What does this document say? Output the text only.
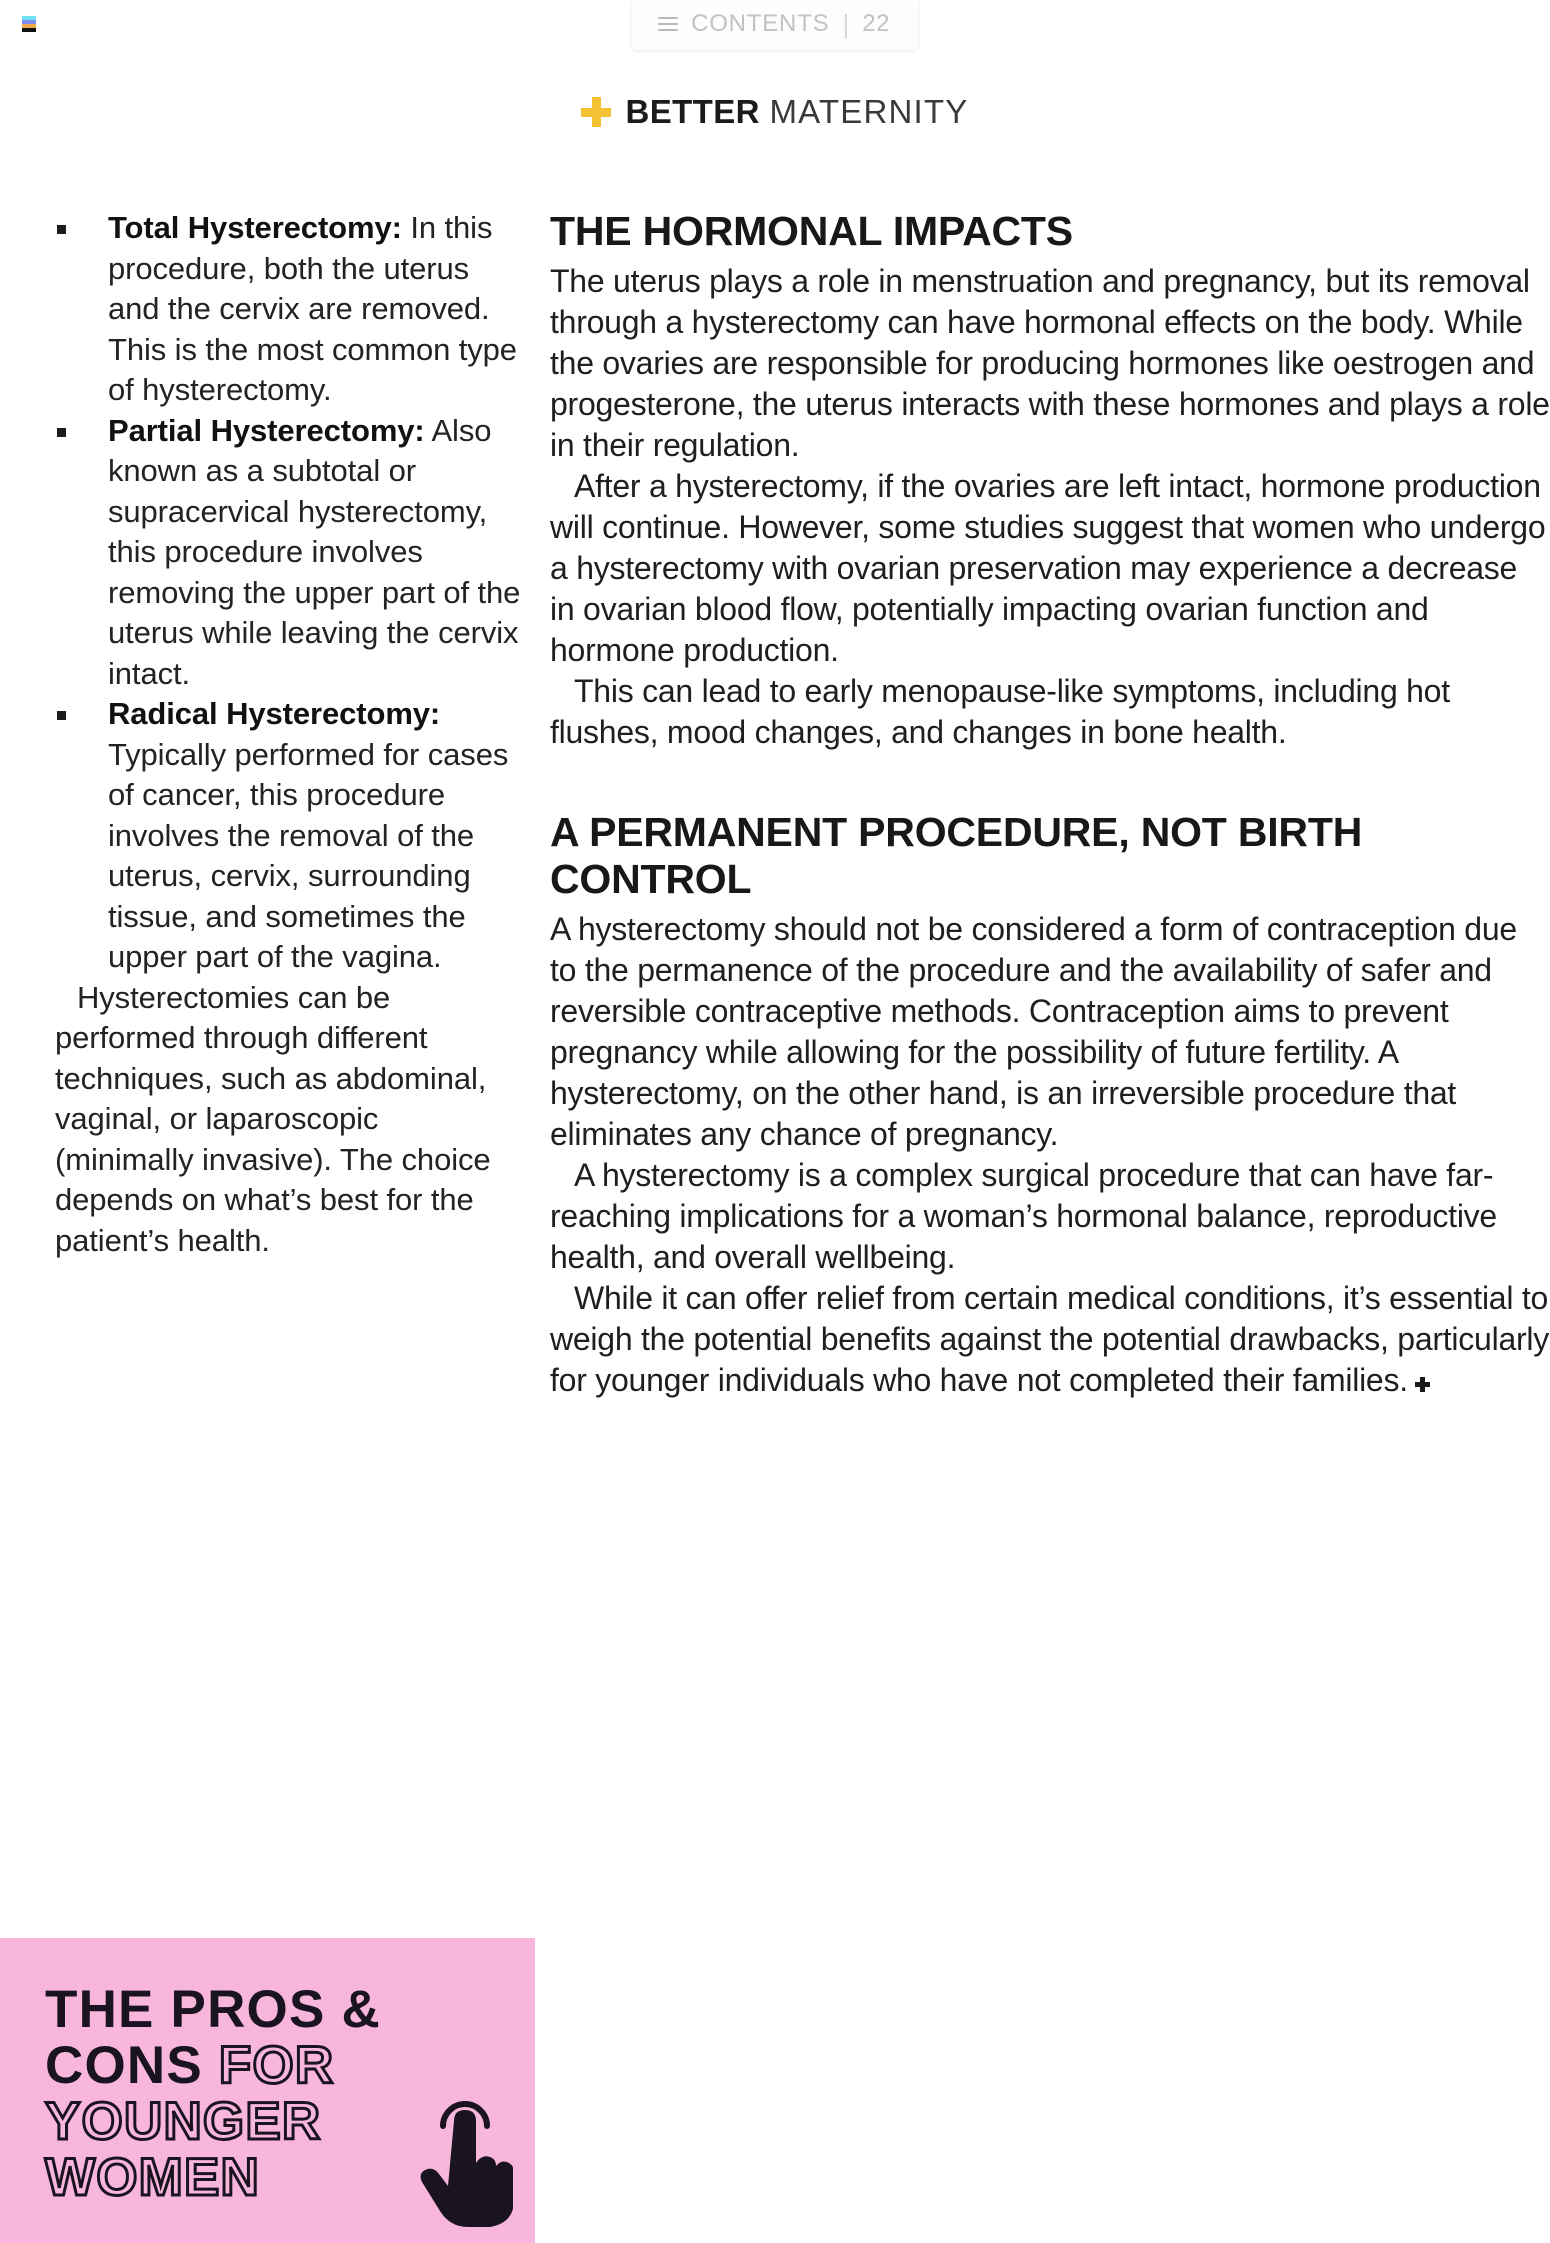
CONTENTS | 22
BETTER MATERNITY
Total Hysterectomy: In this procedure, both the uterus and the cervix are removed. This is the most common type of hysterectomy.
Partial Hysterectomy: Also known as a subtotal or supracervical hysterectomy, this procedure involves removing the upper part of the uterus while leaving the cervix intact.
Radical Hysterectomy: Typically performed for cases of cancer, this procedure involves the removal of the uterus, cervix, surrounding tissue, and sometimes the upper part of the vagina.

Hysterectomies can be performed through different techniques, such as abdominal, vaginal, or laparoscopic (minimally invasive). The choice depends on what’s best for the patient’s health.

THE PROS &
CONS FOR
YOUNGER
WOMEN
THE HORMONAL IMPACTS

The uterus plays a role in menstruation and pregnancy, but its removal through a hysterectomy can have hormonal effects on the body. While the ovaries are responsible for producing hormones like oestrogen and progesterone, the uterus interacts with these hormones and plays a role in their regulation.

After a hysterectomy, if the ovaries are left intact, hormone production will continue. However, some studies suggest that women who undergo a hysterectomy with ovarian preservation may experience a decrease in ovarian blood flow, potentially impacting ovarian function and hormone production.

This can lead to early menopause-like symptoms, including hot flushes, mood changes, and changes in bone health.

A PERMANENT PROCEDURE, NOT BIRTH CONTROL

A hysterectomy should not be considered a form of contraception due to the permanence of the procedure and the availability of safer and reversible contraceptive methods. Contraception aims to prevent pregnancy while allowing for the possibility of future fertility. A hysterectomy, on the other hand, is an irreversible procedure that eliminates any chance of pregnancy.

A hysterectomy is a complex surgical procedure that can have far-reaching implications for a woman’s hormonal balance, reproductive health, and overall wellbeing.

While it can offer relief from certain medical conditions, it’s essential to weigh the potential benefits against the potential drawbacks, particularly for younger individuals who have not completed their families.
